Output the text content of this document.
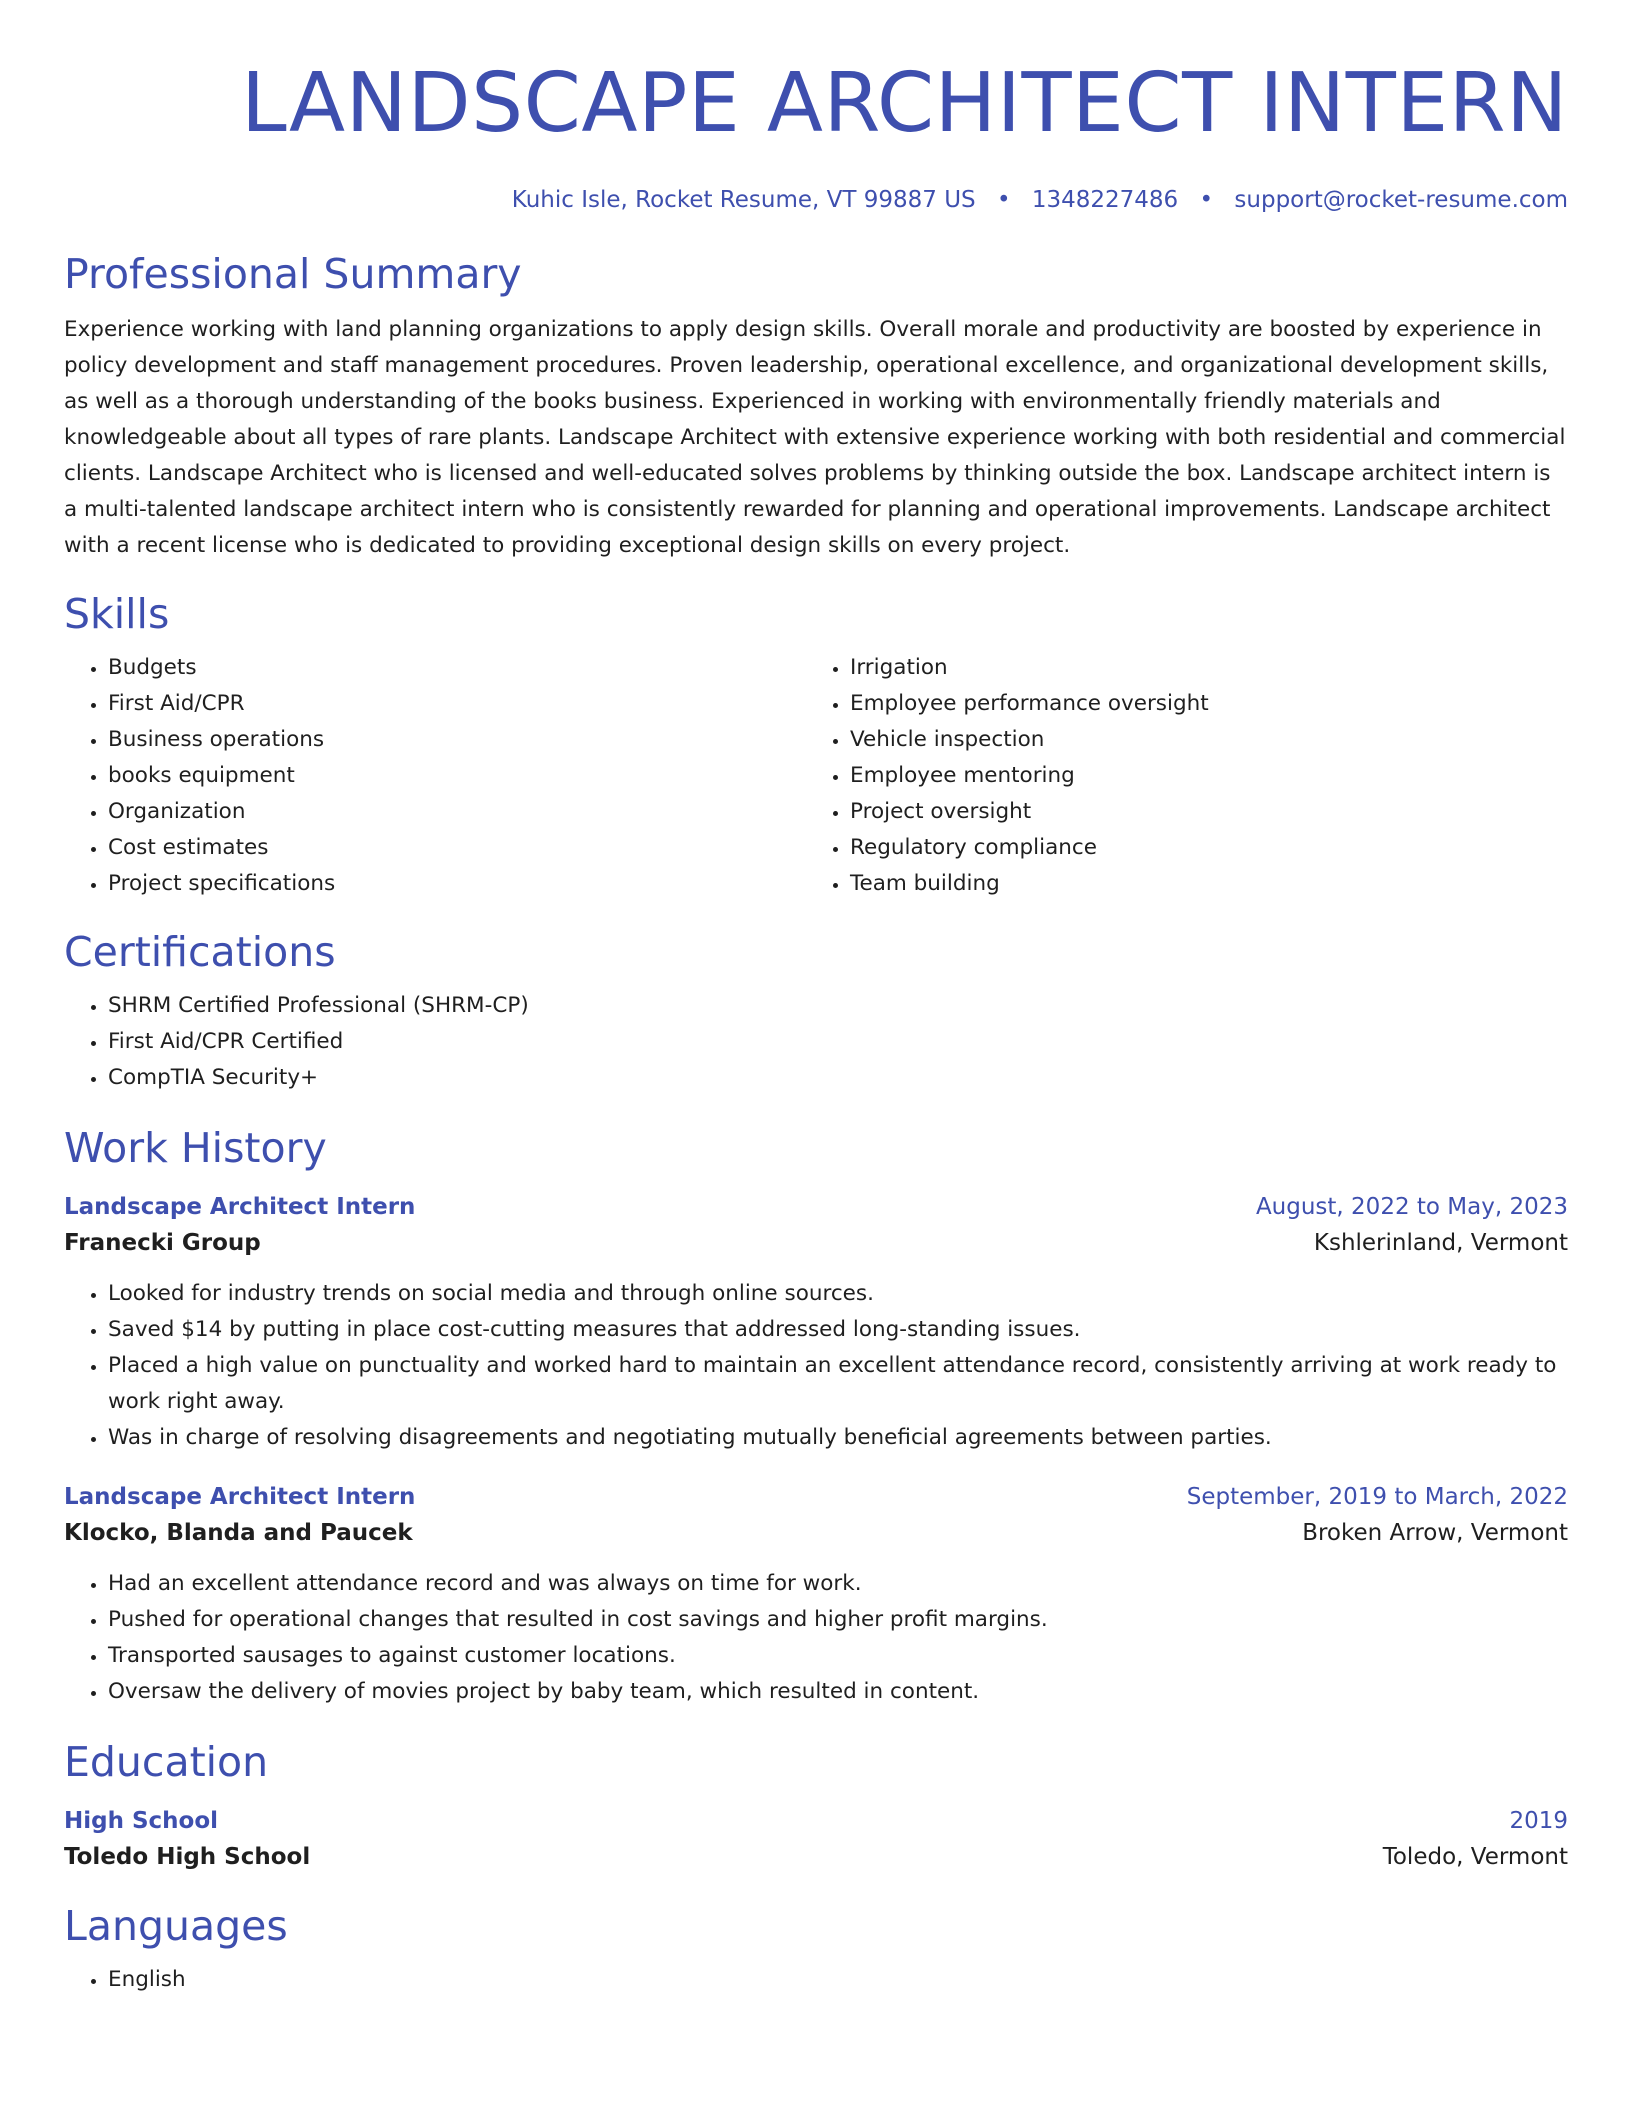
LANDSCAPE ARCHITECT INTERN
Kuhic Isle, Rocket Resume, VT 99887 US • 1348227486 • support@rocket-resume.com
Professional Summary

Experience working with land planning organizations to apply design skills. Overall morale and productivity are boosted by experience in policy development and staff management procedures. Proven leadership, operational excellence, and organizational development skills, as well as a thorough understanding of the books business. Experienced in working with environmentally friendly materials and knowledgeable about all types of rare plants. Landscape Architect with extensive experience working with both residential and commercial clients. Landscape Architect who is licensed and well-educated solves problems by thinking outside the box. Landscape architect intern is a multi-talented landscape architect intern who is consistently rewarded for planning and operational improvements. Landscape architect with a recent license who is dedicated to providing exceptional design skills on every project.

Skills
• Budgets
• First Aid/CPR
• Business operations
• books equipment
• Organization
• Cost estimates
• Project specifications
• Irrigation
• Employee performance oversight
• Vehicle inspection
• Employee mentoring
• Project oversight
• Regulatory compliance
• Team building
Certifications
• SHRM Certified Professional (SHRM-CP)
• First Aid/CPR Certified
• CompTIA Security+
Work History
Landscape Architect Intern	August, 2022 to May, 2023
Franecki Group	Kshlerinland, Vermont
• Looked for industry trends on social media and through online sources.
• Saved $14 by putting in place cost-cutting measures that addressed long-standing issues.
• Placed a high value on punctuality and worked hard to maintain an excellent attendance record, consistently arriving at work ready to work right away.
• Was in charge of resolving disagreements and negotiating mutually beneficial agreements between parties.
Landscape Architect Intern	September, 2019 to March, 2022
Klocko, Blanda and Paucek	Broken Arrow, Vermont
• Had an excellent attendance record and was always on time for work.
• Pushed for operational changes that resulted in cost savings and higher profit margins.
• Transported sausages to against customer locations.
• Oversaw the delivery of movies project by baby team, which resulted in content.
Education
High School	2019
Toledo High School	Toledo, Vermont
Languages
• English
